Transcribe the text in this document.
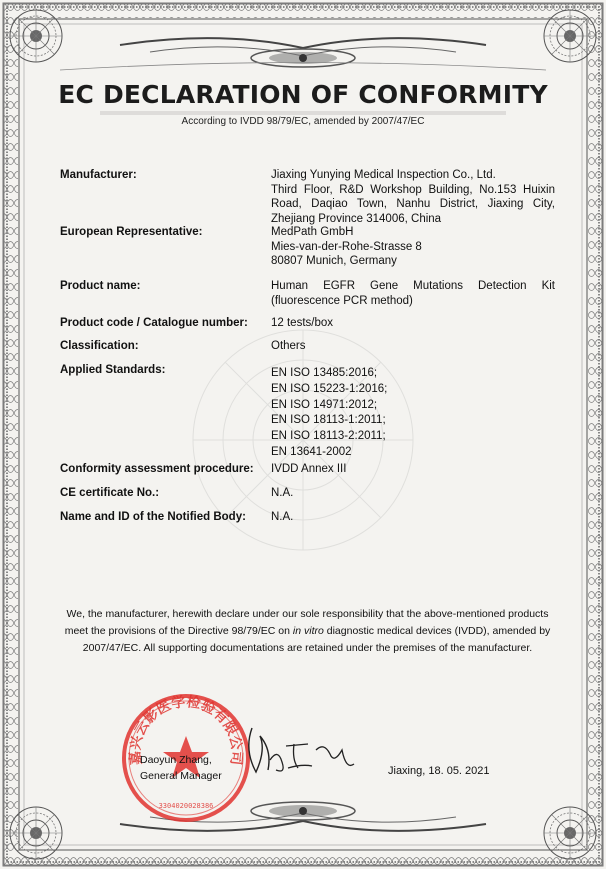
EC DECLARATION OF CONFORMITY
According to IVDD 98/79/EC, amended by 2007/47/EC
Manufacturer:	Jiaxing Yunying Medical Inspection Co., Ltd.
Third Floor, R&D Workshop Building, No.153 Huixin
Road, Daqiao Town, Nanhu District, Jiaxing City,
Zhejiang Province 314006, China
European Representative:	MedPath GmbH
Mies-van-der-Rohe-Strasse 8
80807 Munich, Germany
Product name:	Human EGFR Gene Mutations Detection Kit
(fluorescence PCR method)
Product code / Catalogue number:	12 tests/box
Classification:	Others
Applied Standards:	EN ISO 13485:2016;
EN ISO 15223-1:2016;
EN ISO 14971:2012;
EN ISO 18113-1:2011;
EN ISO 18113-2:2011;
EN 13641-2002
Conformity assessment procedure:	IVDD Annex III
CE certificate No.:	N.A.
Name and ID of the Notified Body:	N.A.
We, the manufacturer, herewith declare under our sole responsibility that the above-mentioned products meet the provisions of the Directive 98/79/EC on in vitro diagnostic medical devices (IVDD), amended by 2007/47/EC. All supporting documentations are retained under the premises of the manufacturer.
嘉兴云影医学检验有限公司
3304020028386
Daoyun Zhang,
General Manager	Jiaxing, 18. 05. 2021
